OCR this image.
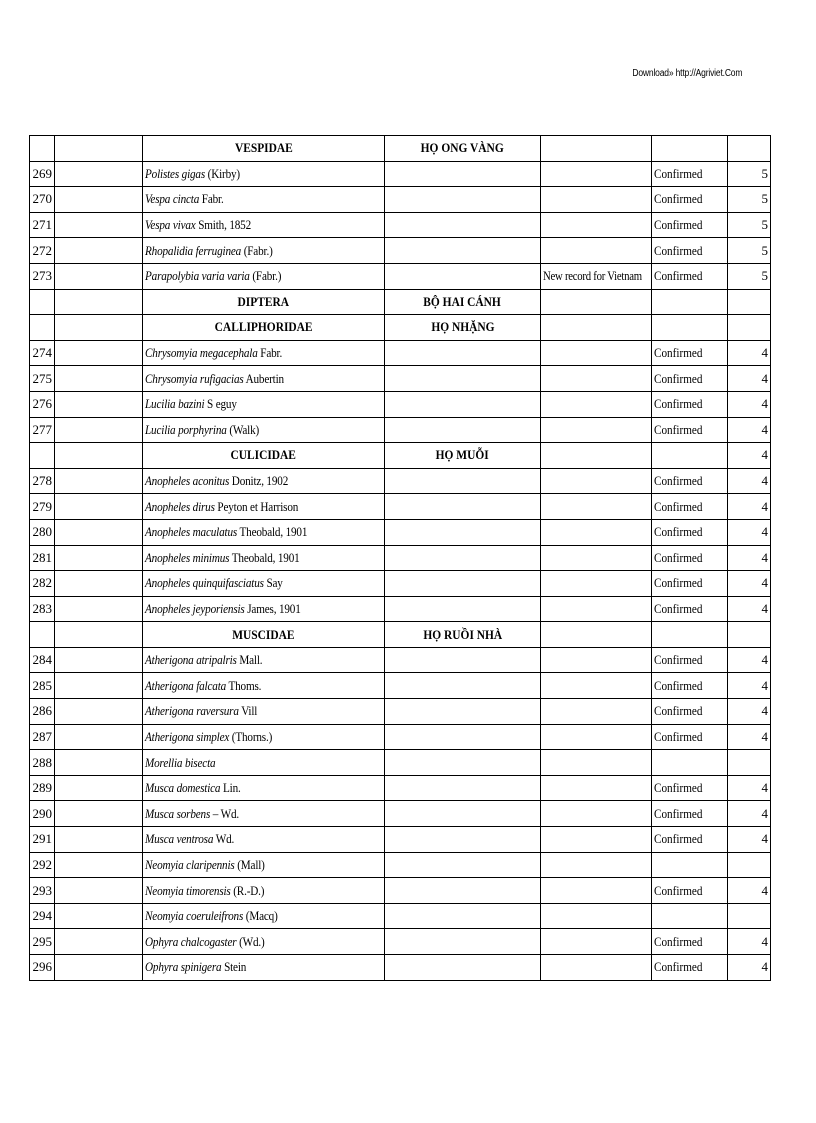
Download» http://Agriviet.Com
		VESPIDAE	HỌ ONG VÀNG			
269		Polistes gigas (Kirby)			Confirmed	5
270		Vespa cincta Fabr.			Confirmed	5
271		Vespa vivax Smith, 1852			Confirmed	5
272		Rhopalidia ferruginea (Fabr.)			Confirmed	5
273		Parapolybia varia varia (Fabr.)		New record for Vietnam	Confirmed	5
		DIPTERA	BỘ HAI CÁNH			
		CALLIPHORIDAE	HỌ NHẶNG			
274		Chrysomyia megacephala Fabr.			Confirmed	4
275		Chrysomyia rufigacias Aubertin			Confirmed	4
276		Lucilia bazini S eguy			Confirmed	4
277		Lucilia porphyrina (Walk)			Confirmed	4
		CULICIDAE	HỌ MUỖI			4
278		Anopheles aconitus Donitz, 1902			Confirmed	4
279		Anopheles dirus Peyton et Harrison			Confirmed	4
280		Anopheles maculatus Theobald, 1901			Confirmed	4
281		Anopheles minimus Theobald, 1901			Confirmed	4
282		Anopheles quinquifasciatus Say			Confirmed	4
283		Anopheles jeyporiensis James, 1901			Confirmed	4
		MUSCIDAE	HỌ RUỒI NHÀ			
284		Atherigona atripalris Mall.			Confirmed	4
285		Atherigona falcata Thoms.			Confirmed	4
286		Atherigona raversura Vill			Confirmed	4
287		Atherigona simplex (Thorns.)			Confirmed	4
288		Morellia bisecta				
289		Musca domestica Lin.			Confirmed	4
290		Musca sorbens – Wd.			Confirmed	4
291		Musca ventrosa Wd.			Confirmed	4
292		Neomyia claripennis (Mall)				
293		Neomyia timorensis (R.-D.)			Confirmed	4
294		Neomyia coeruleifrons (Macq)				
295		Ophyra chalcogaster (Wd.)			Confirmed	4
296		Ophyra spinigera Stein			Confirmed	4
